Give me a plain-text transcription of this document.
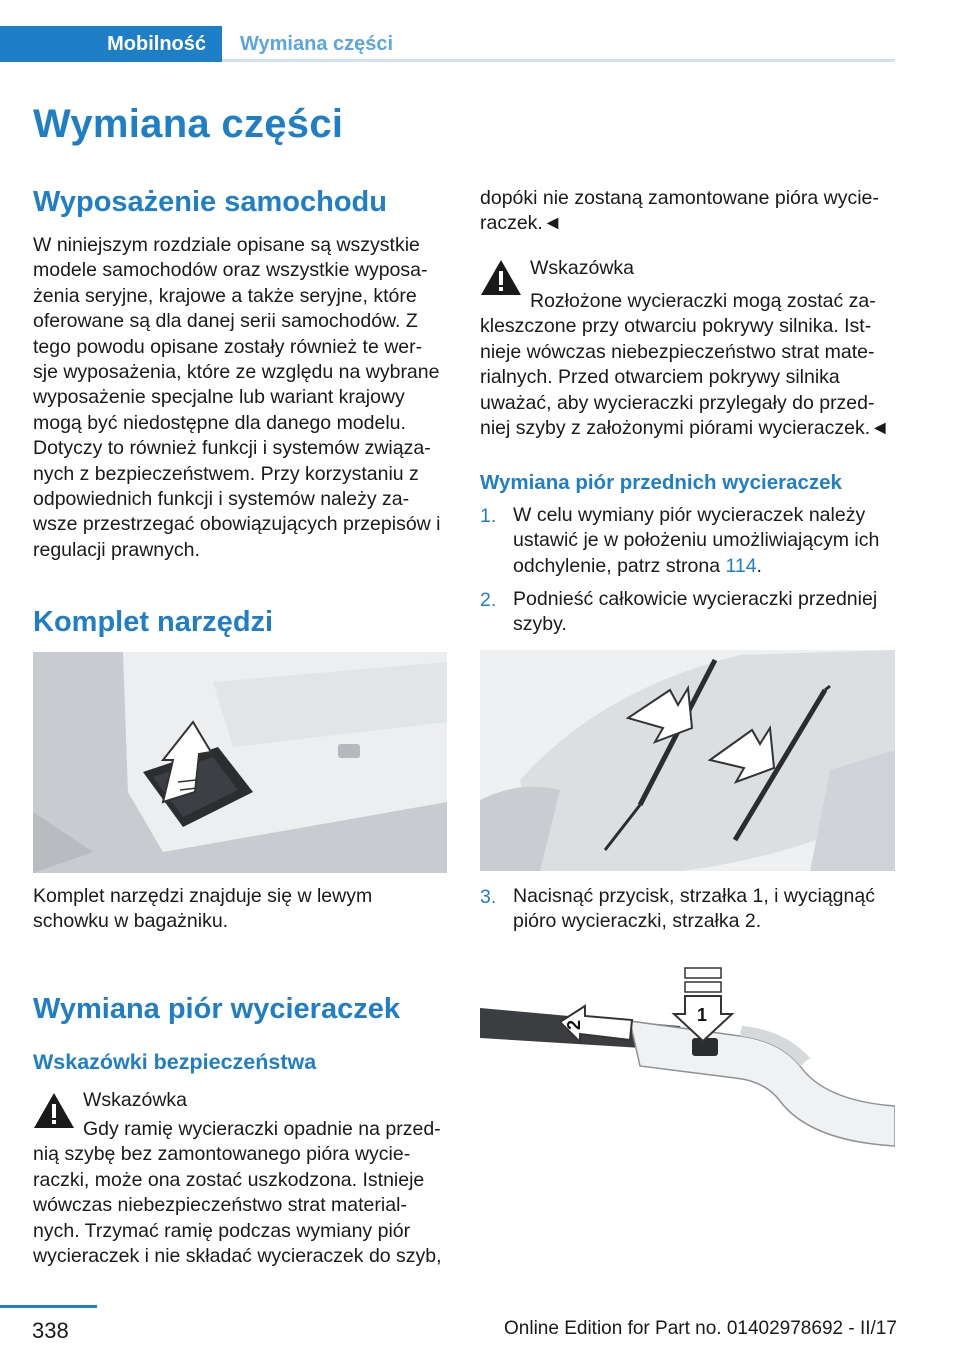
Mobilność	Wymiana części
Wymiana części
Wyposażenie samochodu
W niniejszym rozdziale opisane są wszystkie
modele samochodów oraz wszystkie wyposa‐
żenia seryjne, krajowe a także seryjne, które
oferowane są dla danej serii samochodów. Z
tego powodu opisane zostały również te wer‐
sje wyposażenia, które ze względu na wybrane
wyposażenie specjalne lub wariant krajowy
mogą być niedostępne dla danego modelu.
Dotyczy to również funkcji i systemów związa‐
nych z bezpieczeństwem. Przy korzystaniu z
odpowiednich funkcji i systemów należy za‐
wsze przestrzegać obowiązujących przepisów i
regulacji prawnych.
Komplet narzędzi
Komplet narzędzi znajduje się w lewym
schowku w bagażniku.
Wymiana piór wycieraczek
Wskazówki bezpieczeństwa
Wskazówka
Gdy ramię wycieraczki opadnie na przed‐
nią szybę bez zamontowanego pióra wycie‐
raczki, może ona zostać uszkodzona. Istnieje
wówczas niebezpieczeństwo strat material‐
nych. Trzymać ramię podczas wymiany piór
wycieraczek i nie składać wycieraczek do szyb,
dopóki nie zostaną zamontowane pióra wycie‐
raczek.◄
Wskazówka
Rozłożone wycieraczki mogą zostać za‐
kleszczone przy otwarciu pokrywy silnika. Ist‐
nieje wówczas niebezpieczeństwo strat mate‐
rialnych. Przed otwarciem pokrywy silnika
uważać, aby wycieraczki przylegały do przed‐
niej szyby z założonymi piórami wycieraczek.◄
Wymiana piór przednich wycieraczek
1. W celu wymiany piór wycieraczek należy
ustawić je w położeniu umożliwiającym ich
odchylenie, patrz strona 114.
2. Podnieść całkowicie wycieraczki przedniej
szyby.
3. Nacisnąć przycisk, strzałka 1, i wyciągnąć
pióro wycieraczki, strzałka 2.
2	1
338	Online Edition for Part no. 01402978692 - II/17
